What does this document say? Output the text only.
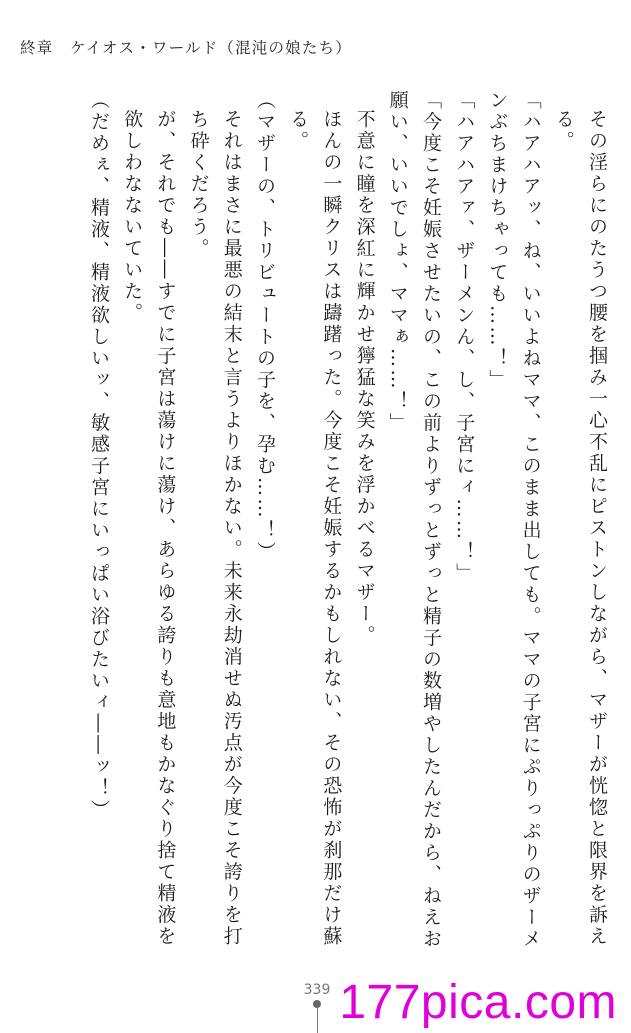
終章　ケイオス・ワールド（混沌の娘たち）

その淫らにのたうつ腰を掴み一心不乱にピストンしながら、マザーが恍惚と限界を訴え
る。

「ハアハアッ、ね、いいよねママ、このまま出しても。ママの子宮にぷりっぷりのザーメ
ンぶちまけちゃっても……！」

「ハアハアァ、ザーメンん、し、子宮にィ……！」

「今度こそ妊娠させたいの、この前よりずっとずっと精子の数増やしたんだから、ねえお
願い、いいでしょ、ママぁ……！」

不意に瞳を深紅に輝かせ獰猛な笑みを浮かべるマザー。

ほんの一瞬クリスは躊躇った。今度こそ妊娠するかもしれない、その恐怖が刹那だけ蘇
る。

（マザーの、トリビュートの子を、孕む……！）

それはまさに最悪の結末と言うよりほかない。未来永劫消せぬ汚点が今度こそ誇りを打
ち砕くだろう。

が、それでも――すでに子宮は蕩けに蕩け、あらゆる誇りも意地もかなぐり捨て精液を
欲しわなないていた。

（だめぇ、精液、精液欲しいッ、敏感子宮にいっぱい浴びたいィ――ッ！）

339 177pica.com
